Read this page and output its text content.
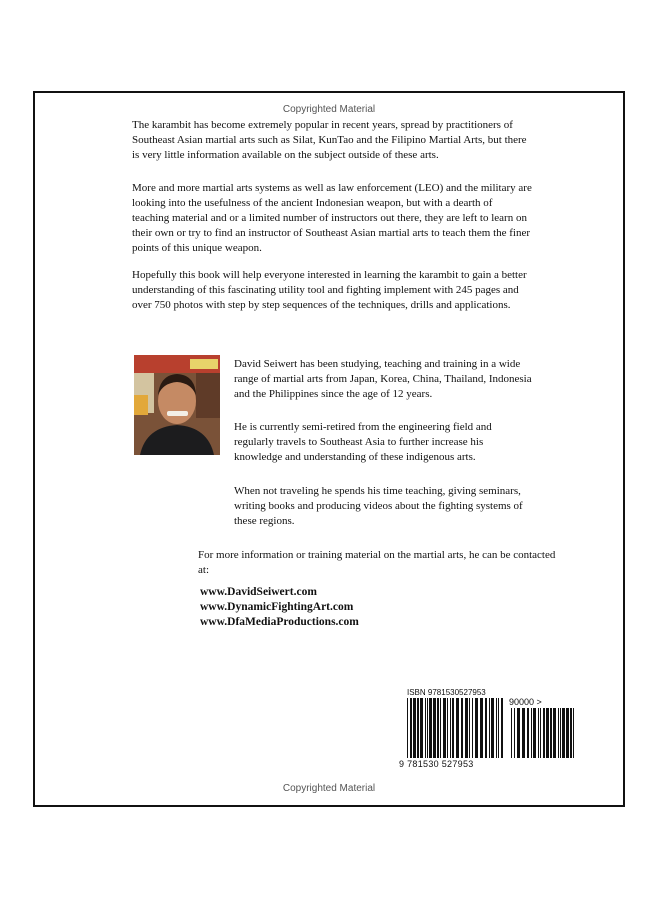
Copyrighted Material

The karambit has become extremely popular in recent years, spread by practitioners of Southeast Asian martial arts such as Silat, KunTao and the Filipino Martial Arts, but there is very little information available on the subject outside of these arts.

More and more martial arts systems as well as law enforcement (LEO) and the military are looking into the usefulness of the ancient Indonesian weapon, but with a dearth of teaching material and or a limited number of instructors out there, they are left to learn on their own or try to find an instructor of Southeast Asian martial arts to teach them the finer points of this unique weapon.

Hopefully this book will help everyone interested in learning the karambit to gain a better understanding of this fascinating utility tool and fighting implement with 245 pages and over 750 photos with step by step sequences of the techniques, drills and applications.

David Seiwert has been studying, teaching and training in a wide range of martial arts from Japan, Korea, China, Thailand, Indonesia and the Philippines since the age of 12 years.

He is currently semi-retired from the engineering field and regularly travels to Southeast Asia to further increase his knowledge and understanding of these indigenous arts.

When not traveling he spends his time teaching, giving seminars, writing books and producing videos about the fighting systems of these regions.

For more information or training material on the martial arts, he can be contacted at:

www.DavidSeiwert.com
www.DynamicFightingArt.com
www.DfaMediaProductions.com
ISBN 9781530527953
90000 >
9 781530 527953
Copyrighted Material
